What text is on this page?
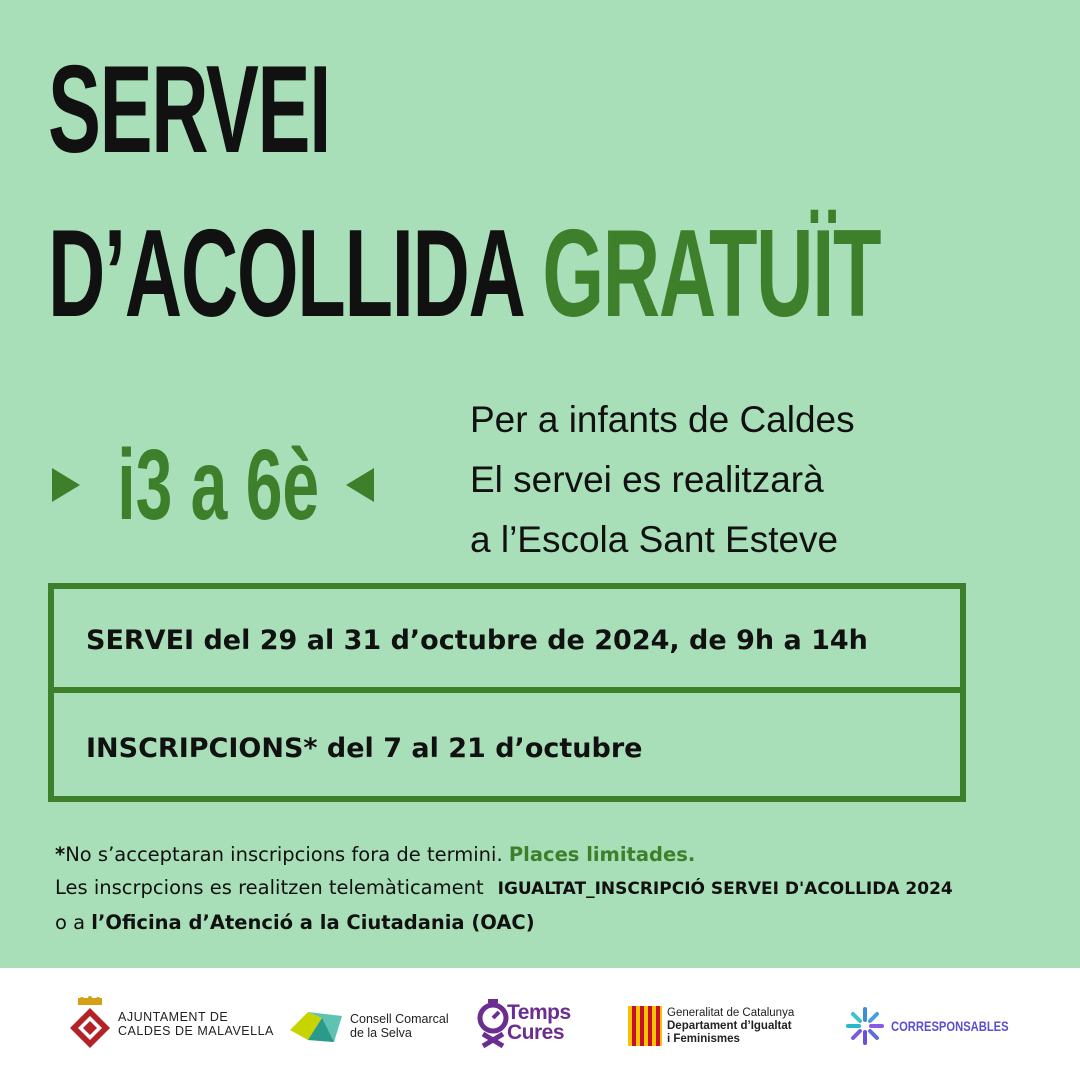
SERVEI
D’ACOLLIDA GRATUÏT
i3 a 6è
Per a infants de Caldes
El servei es realitzarà
a l’Escola Sant Esteve
SERVEI del 29 al 31 d’octubre de 2024, de 9h a 14h
INSCRIPCIONS* del 7 al 21 d’octubre
*No s’acceptaran inscripcions fora de termini. Places limitades.
Les inscrpcions es realitzen telemàticament IGUALTAT_INSCRIPCIÓ SERVEI D'ACOLLIDA 2024
o a l’Oficina d’Atenció a la Ciutadania (OAC)
AJUNTAMENT DE
CALDES DE MALAVELLA
Consell Comarcal
de la Selva
Temps
Cures
Generalitat de Catalunya
Departament d’Igualtat
i Feminismes
CORRESPONSABLES
